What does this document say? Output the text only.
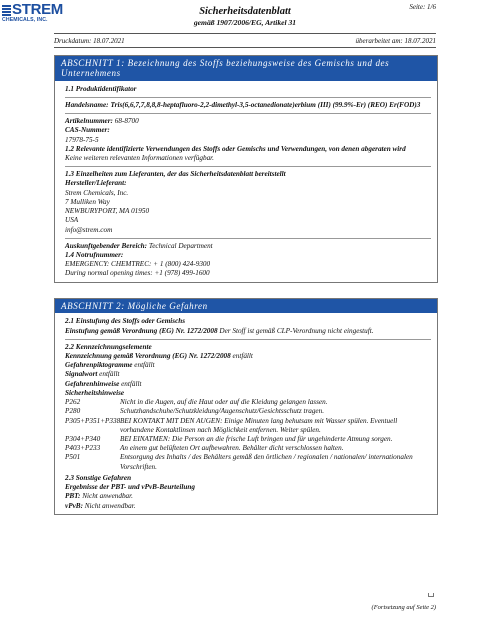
STREM
CHEMICALS, INC.
Sicherheitsdatenblatt
gemäß 1907/2006/EG, Artikel 31
Seite: 1/6
Druckdatum: 18.07.2021	überarbeitet am: 18.07.2021
ABSCHNITT 1: Bezeichnung des Stoffs beziehungsweise des Gemischs und des Unternehmens
1.1 Produktidentifikator
Handelsname: Tris(6,6,7,7,8,8,8-heptafluoro-2,2-dimethyl-3,5-octanedionate)erbium (III) (99.9%-Er) (REO) Er(FOD)3
Artikelnummer: 68-8700
CAS-Nummer:
17978-75-5
1.2 Relevante identifizierte Verwendungen des Stoffs oder Gemischs und Verwendungen, von denen abgeraten wird
Keine weiteren relevanten Informationen verfügbar.
1.3 Einzelheiten zum Lieferanten, der das Sicherheitsdatenblatt bereitstellt
Hersteller/Lieferant:
Strem Chemicals, Inc.
7 Mulliken Way
NEWBURYPORT, MA 01950
USA
info@strem.com
Auskunftgebender Bereich: Technical Department
1.4 Notrufnummer:
EMERGENCY: CHEMTREC: + 1 (800) 424-9300
During normal opening times: +1 (978) 499-1600
ABSCHNITT 2: Mögliche Gefahren
2.1 Einstufung des Stoffs oder Gemischs
Einstufung gemäß Verordnung (EG) Nr. 1272/2008 Der Stoff ist gemäß CLP-Verordnung nicht eingestuft.
2.2 Kennzeichnungselemente
Kennzeichnung gemäß Verordnung (EG) Nr. 1272/2008 entfällt
Gefahrenpiktogramme entfällt
Signalwort entfällt
Gefahrenhinweise entfällt
Sicherheitshinweise
P262	Nicht in die Augen, auf die Haut oder auf die Kleidung gelangen lassen.
P280	Schutzhandschuhe/Schutzkleidung/Augenschutz/Gesichtsschutz tragen.
P305+P351+P338 BEI KONTAKT MIT DEN AUGEN: Einige Minuten lang behutsam mit Wasser spülen. Eventuell vorhandene Kontaktlinsen nach Möglichkeit entfernen. Weiter spülen.
P304+P340	BEI EINATMEN: Die Person an die frische Luft bringen und für ungehinderte Atmung sorgen.
P403+P233	An einem gut belüfteten Ort aufbewahren. Behälter dicht verschlossen halten.
P501	Entsorgung des Inhalts / des Behälters gemäß den örtlichen / regionalen / nationalen/ internationalen Vorschriften.
2.3 Sonstige Gefahren
Ergebnisse der PBT- und vPvB-Beurteilung
PBT: Nicht anwendbar.
vPvB: Nicht anwendbar.
(Fortsetzung auf Seite 2)
